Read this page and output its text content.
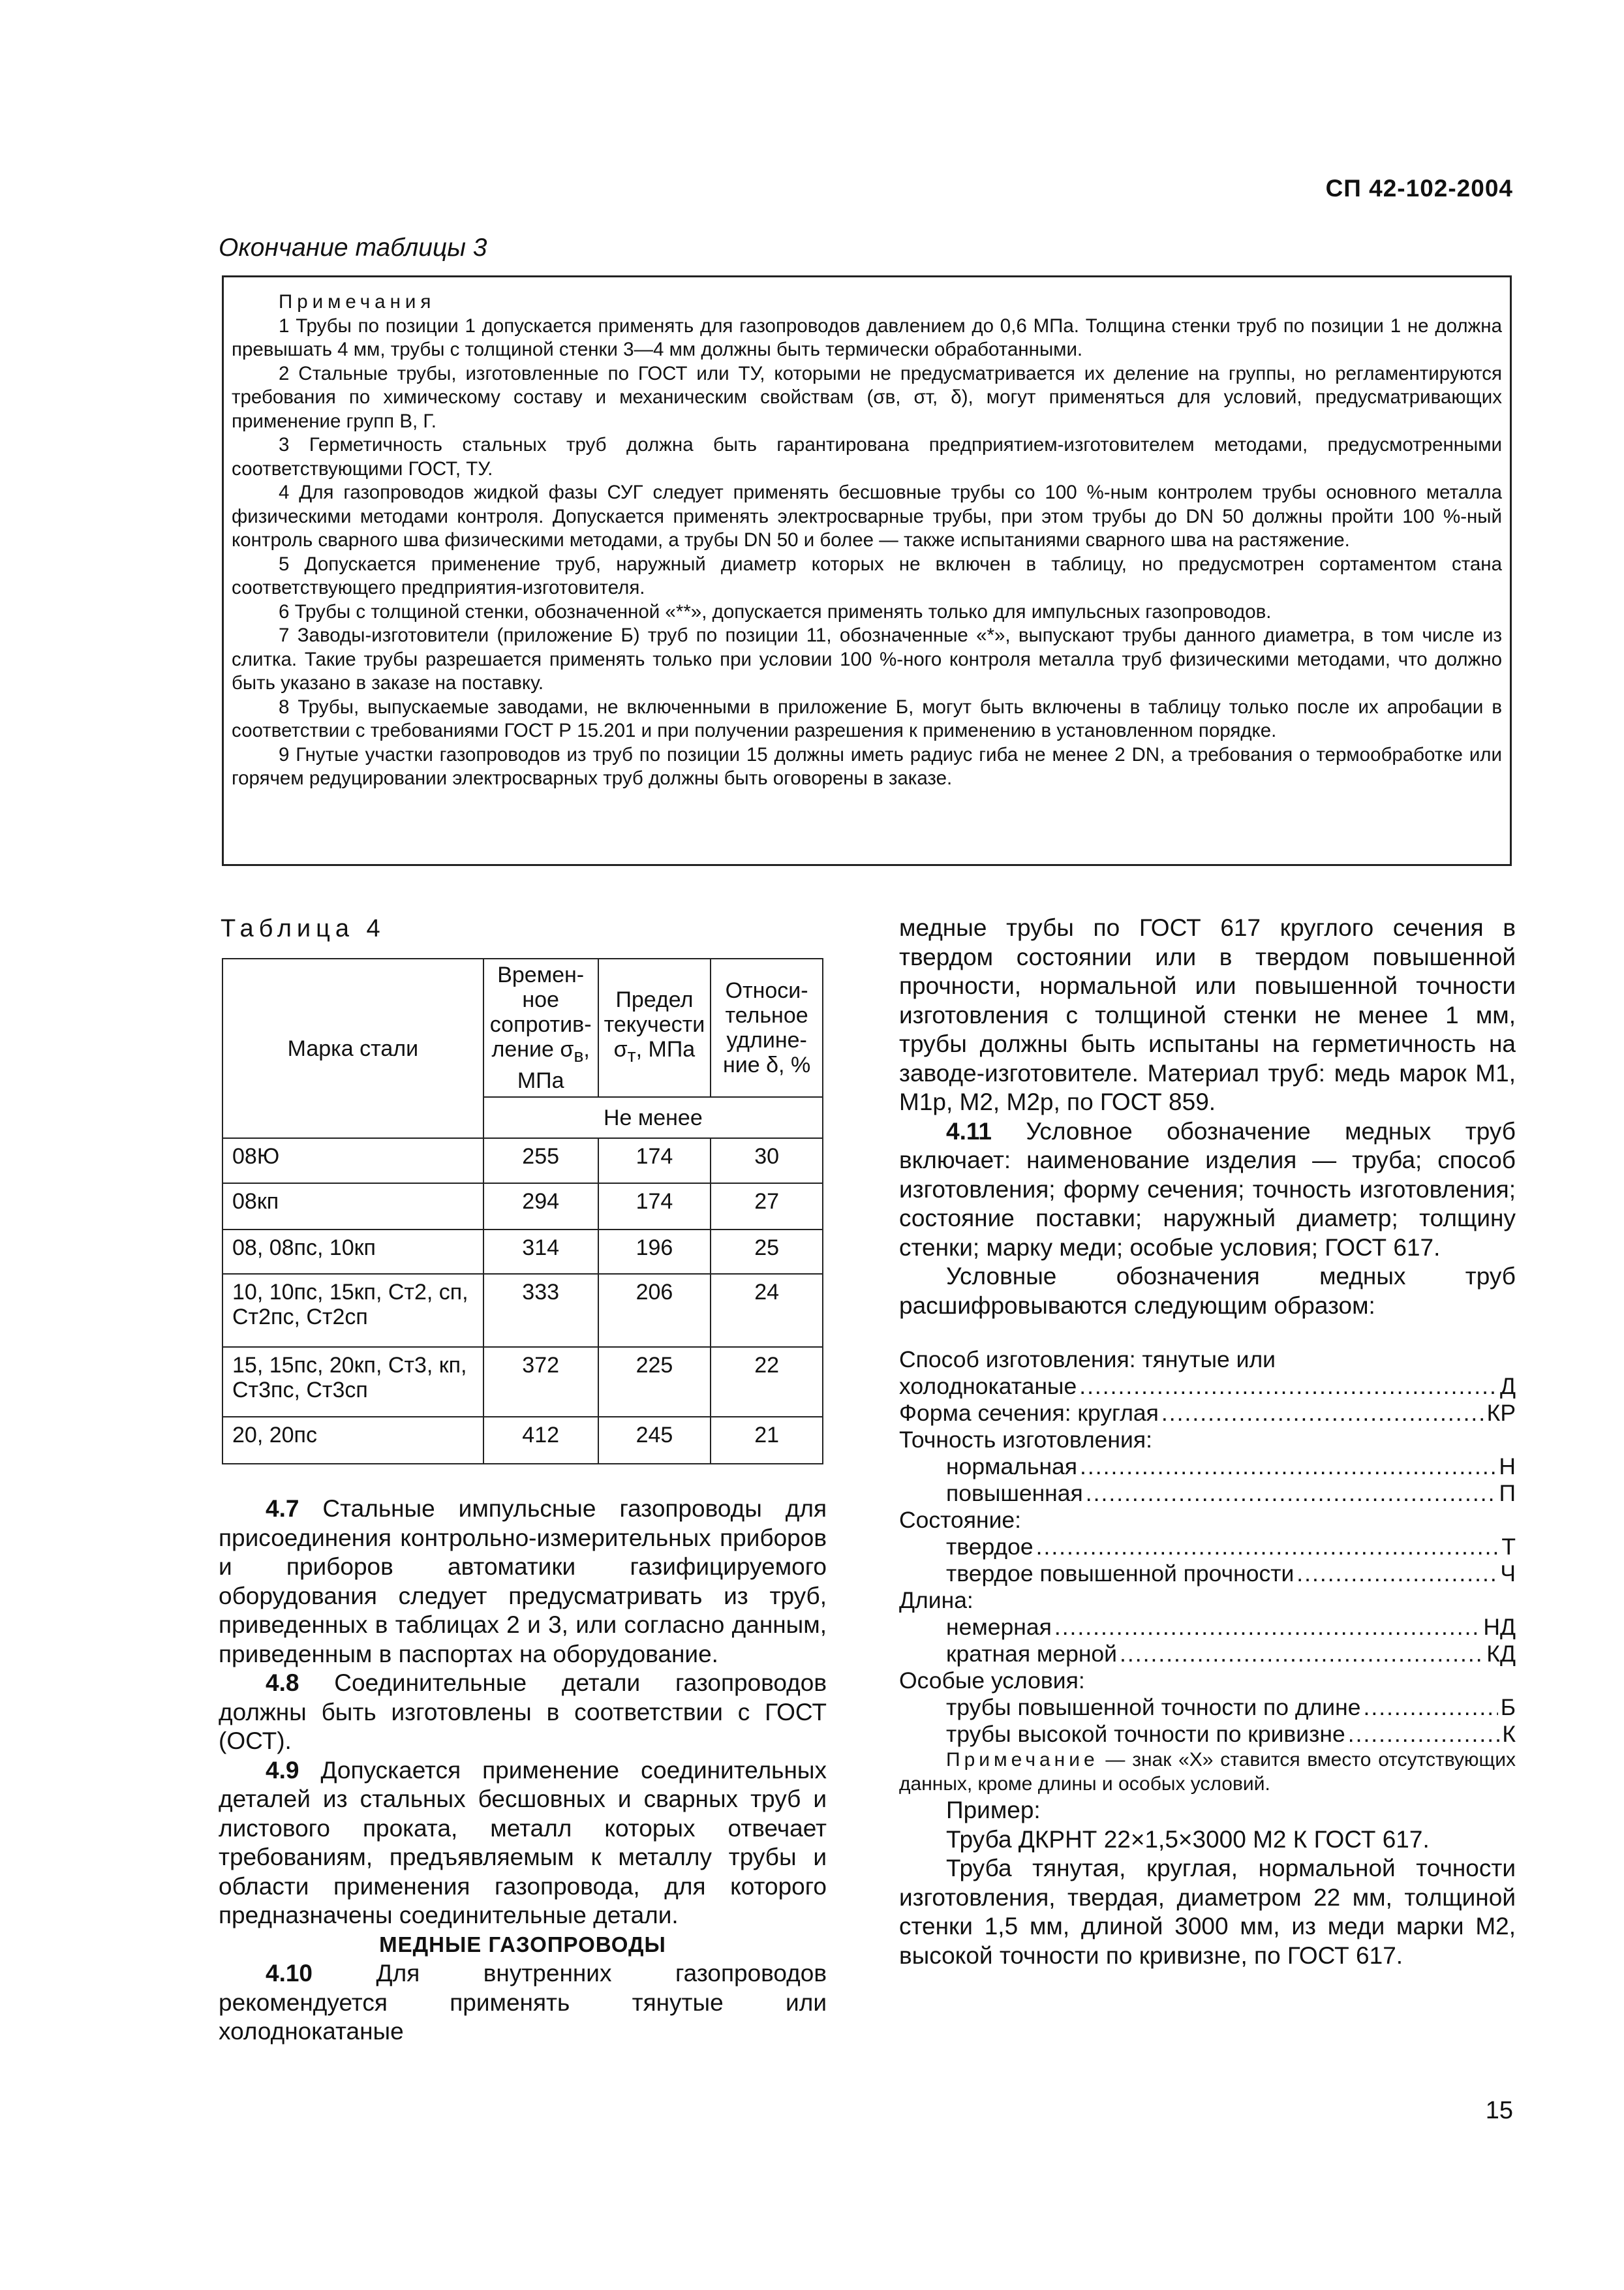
СП 42-102-2004
Окончание таблицы 3
Примечания

1 Трубы по позиции 1 допускается применять для газопроводов давлением до 0,6 МПа. Толщина стенки труб по позиции 1 не должна превышать 4 мм, трубы с толщиной стенки 3—4 мм должны быть термически обработанными.

2 Стальные трубы, изготовленные по ГОСТ или ТУ, которыми не предусматривается их деление на группы, но регламентируются требования по химическому составу и механическим свойствам (σв, σт, δ), могут применяться для условий, предусматривающих применение групп В, Г.

3 Герметичность стальных труб должна быть гарантирована предприятием-изготовителем методами, предусмотренными соответствующими ГОСТ, ТУ.

4 Для газопроводов жидкой фазы СУГ следует применять бесшовные трубы со 100 %-ным контролем трубы основного металла физическими методами контроля. Допускается применять электросварные трубы, при этом трубы до DN 50 должны пройти 100 %-ный контроль сварного шва физическими методами, а трубы DN 50 и более — также испытаниями сварного шва на растяжение.

5 Допускается применение труб, наружный диаметр которых не включен в таблицу, но предусмотрен сортаментом стана соответствующего предприятия-изготовителя.

6 Трубы с толщиной стенки, обозначенной «**», допускается применять только для импульсных газопроводов.

7 Заводы-изготовители (приложение Б) труб по позиции 11, обозначенные «*», выпускают трубы данного диаметра, в том числе из слитка. Такие трубы разрешается применять только при условии 100 %-ного контроля металла труб физическими методами, что должно быть указано в заказе на поставку.

8 Трубы, выпускаемые заводами, не включенными в приложение Б, могут быть включены в таблицу только после их апробации в соответствии с требованиями ГОСТ Р 15.201 и при получении разрешения к применению в установленном порядке.

9 Гнутые участки газопроводов из труб по позиции 15 должны иметь радиус гиба не менее 2 DN, а требования о термообработке или горячем редуцировании электросварных труб должны быть оговорены в заказе.

Таблица 4
Марка стали	Времен-ное сопротив-ление $\sigma_в$, МПа	Предел текучести $\sigma_т$, МПа	Относи-тельное удлине-ние δ, %
	Не менее		
08Ю	255	174	30
08кп	294	174	27
08, 08пс, 10кп	314	196	25
10, 10пс, 15кп, Ст2, сп, Ст2пс, Ст2сп	333	206	24
15, 15пс, 20кп, Ст3, кп, Ст3пс, Ст3сп	372	225	22
20, 20пс	412	245	21

4.7 Стальные импульсные газопроводы для присоединения контрольно-измерительных приборов и приборов автоматики газифицируемого оборудования следует предусматривать из труб, приведенных в таблицах 2 и 3, или согласно данным, приведенным в паспортах на оборудование.

4.8 Соединительные детали газопроводов должны быть изготовлены в соответствии с ГОСТ (ОСТ).

4.9 Допускается применение соединительных деталей из стальных бесшовных и сварных труб и листового проката, металл которых отвечает требованиям, предъявляемым к металлу трубы и области применения газопровода, для которого предназначены соединительные детали.

МЕДНЫЕ ГАЗОПРОВОДЫ

4.10 Для внутренних газопроводов рекомендуется применять тянутые или холоднокатаные

медные трубы по ГОСТ 617 круглого сечения в твердом состоянии или в твердом повышенной прочности, нормальной или повышенной точности изготовления с толщиной стенки не менее 1 мм, трубы должны быть испытаны на герметичность на заводе-изготовителе. Материал труб: медь марок М1, М1р, М2, М2р, по ГОСТ 859.

4.11 Условное обозначение медных труб включает: наименование изделия — труба; способ изготовления; форму сечения; точность изготовления; состояние поставки; наружный диаметр; толщину стенки; марку меди; особые условия; ГОСТ 617.

Условные обозначения медных труб расшифровываются следующим образом:

Способ изготовления: тянутые или
холоднокатаные .....	Д
Форма сечения: круглая .....	КР
Точность изготовления:
нормальная .....	Н
повышенная .....	П
Состояние:
твердое .....	Т
твердое повышенной прочности .....	Ч
Длина:
немерная .....	НД
кратная мерной .....	КД
Особые условия:
трубы повышенной точности по длине .....	Б
трубы высокой точности по кривизне .....	К

Примечание — знак «Х» ставится вместо отсутствующих данных, кроме длины и особых условий.

Пример:

Труба ДКРНТ 22×1,5×3000 М2 К ГОСТ 617.

Труба тянутая, круглая, нормальной точности изготовления, твердая, диаметром 22 мм, толщиной стенки 1,5 мм, длиной 3000 мм, из меди марки М2, высокой точности по кривизне, по ГОСТ 617.

15
